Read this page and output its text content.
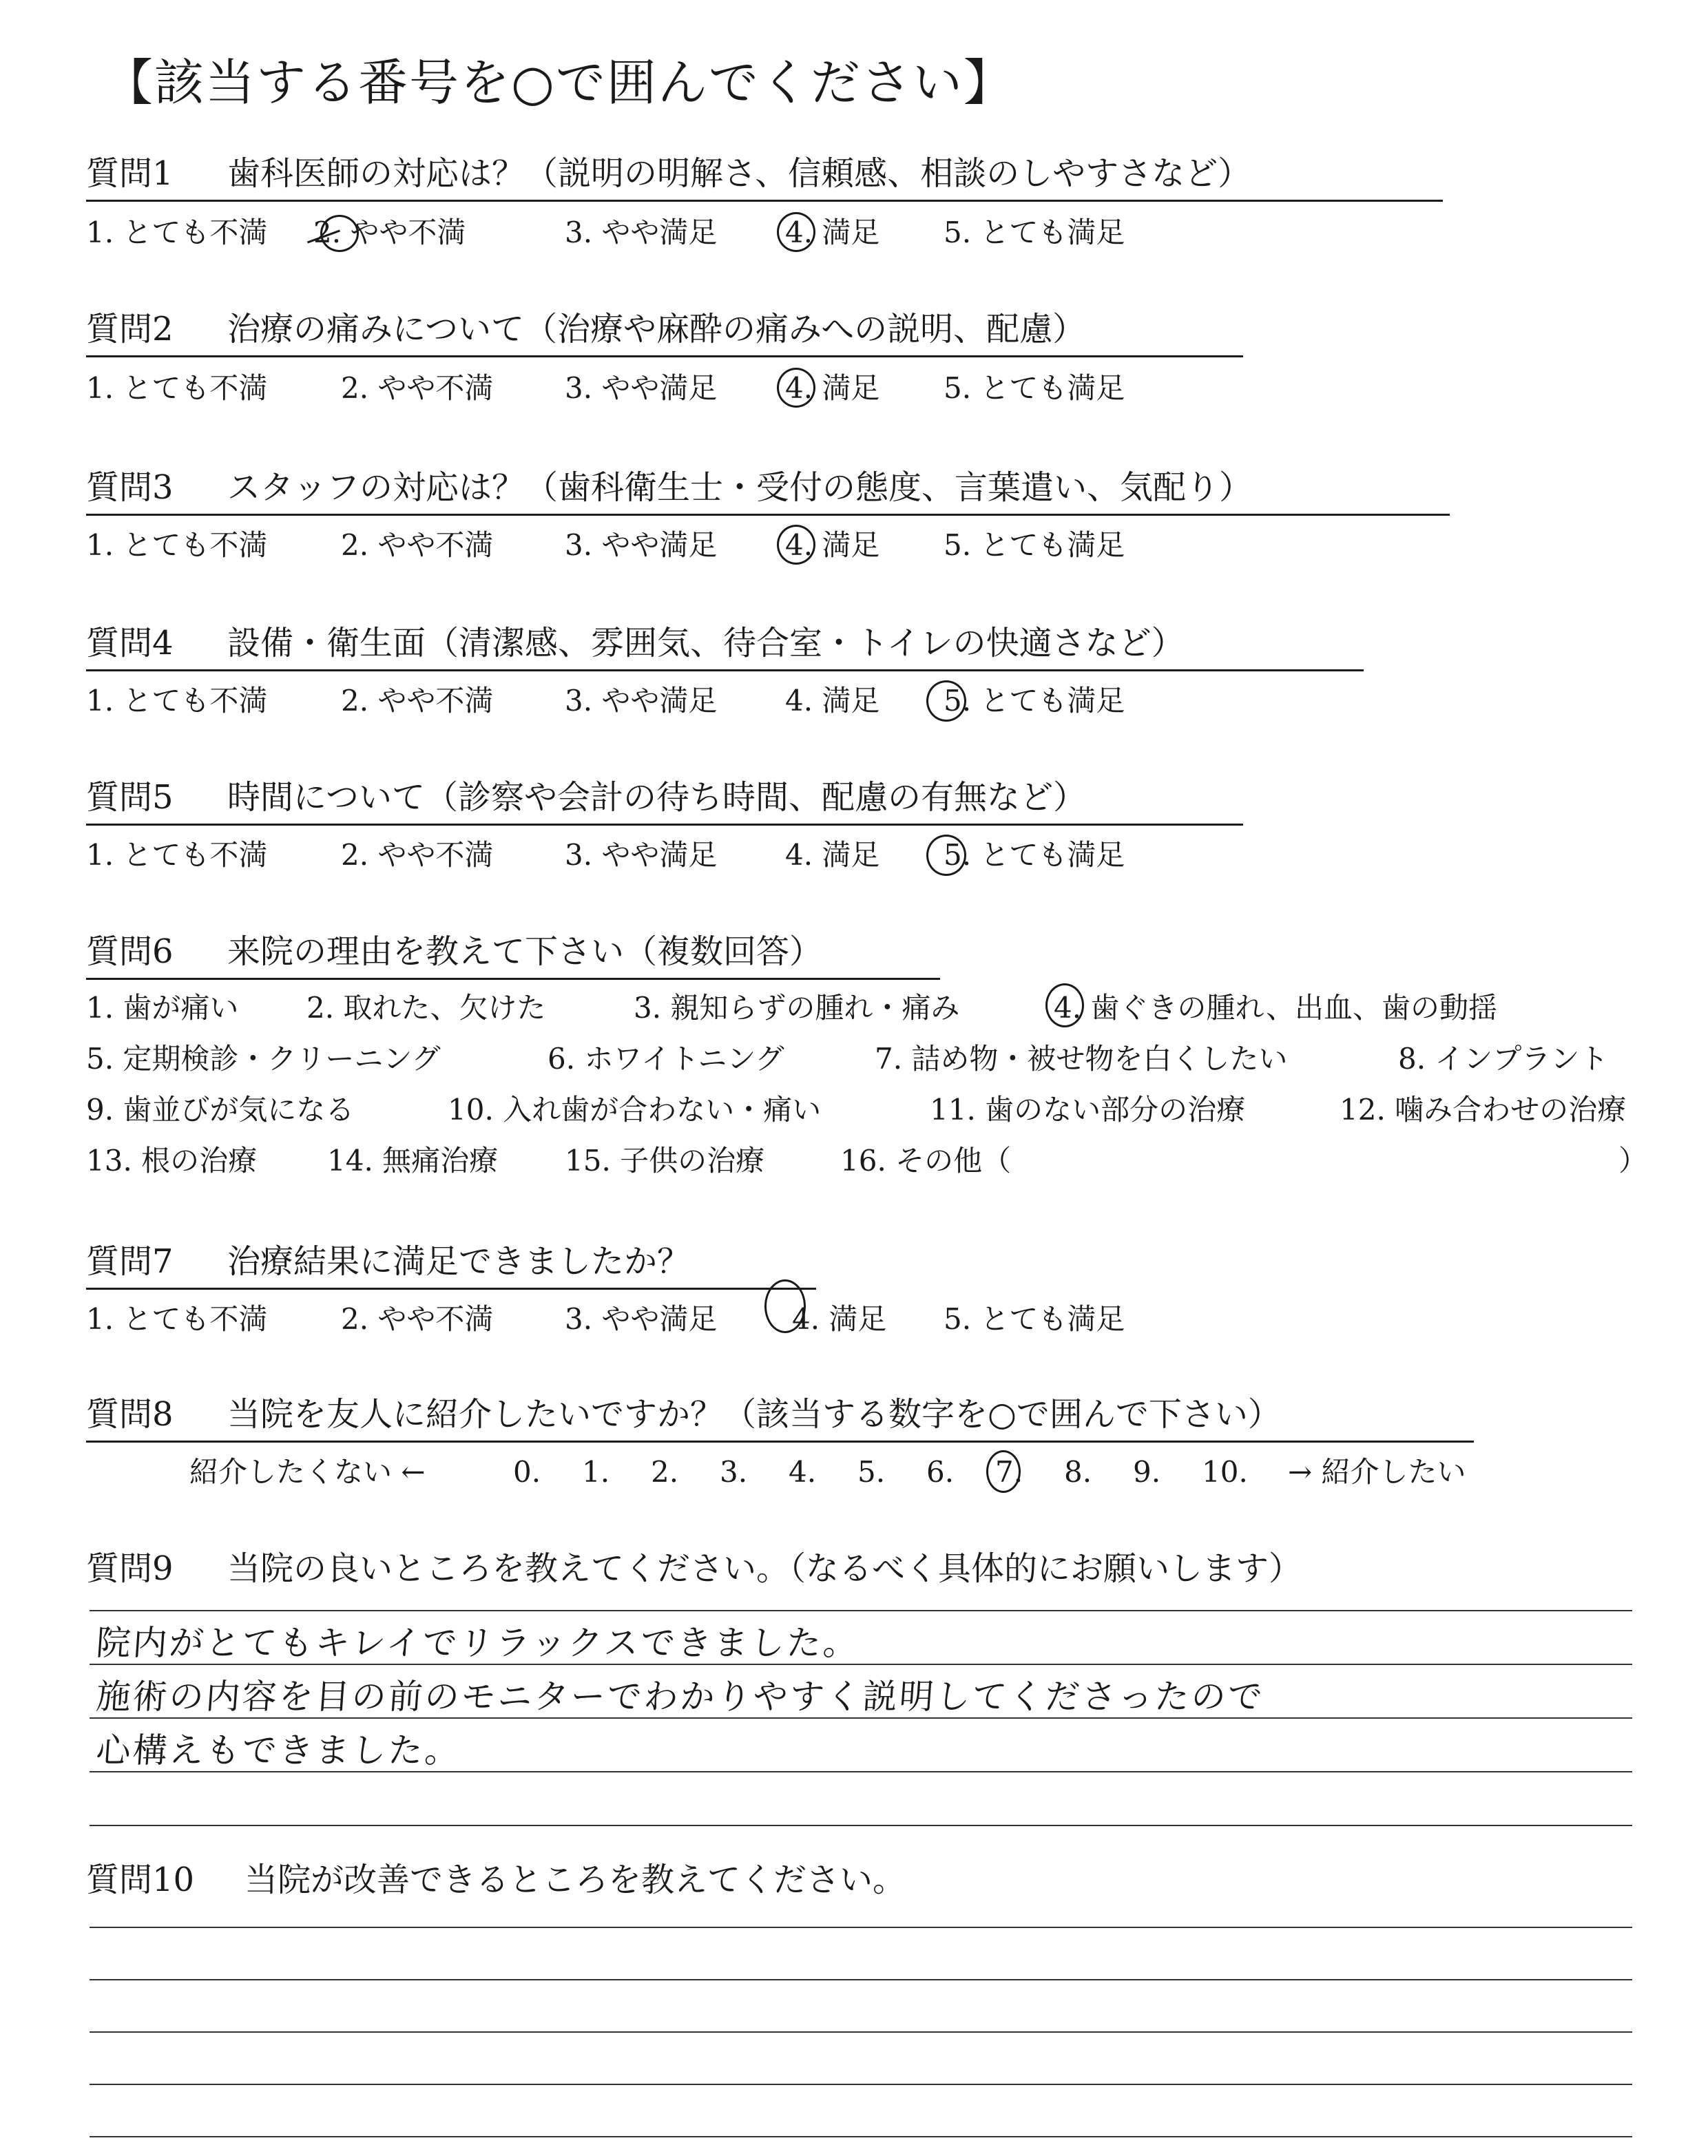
【該当する番号を○で囲んでください】
質問1 歯科医師の対応は？（説明の明解さ、信頼感、相談のしやすさなど）
1. とても不満 2. やや不満	3. やや満足 4. 満足 5. とても満足
質問2 治療の痛みについて（治療や麻酔の痛みへの説明、配慮）
1. とても不満	2. やや不満 3. やや満足 4. 満足 5. とても満足
質問3 スタッフの対応は？（歯科衛生士・受付の態度、言葉遣い、気配り）
1. とても不満	2. やや不満 3. やや満足 4. 満足 5. とても満足
質問4 設備・衛生面（清潔感、雰囲気、待合室・トイレの快適さなど）
1. とても不満	2. やや不満 3. やや満足 4. 満足 5. とても満足
質問5 時間について（診察や会計の待ち時間、配慮の有無など）
1. とても不満	2. やや不満 3. やや満足 4. 満足 5. とても満足
質問6 来院の理由を教えて下さい（複数回答）
1. 歯が痛い 2. 取れた、欠けた	3. 親知らずの腫れ・痛み	4. 歯ぐきの腫れ、出血、歯の動揺
5. 定期検診・クリーニング	6. ホワイトニング	7. 詰め物・被せ物を白くしたい	8. インプラント
9. 歯並びが気になる	10. 入れ歯が合わない・痛い	11. 歯のない部分の治療	12. 噛み合わせの治療
13. 根の治療 14. 無痛治療 15. 子供の治療	16. その他（	）
質問7 治療結果に満足できましたか？
1. とても不満	2. やや不満 3. やや満足	4. 満足 5. とても満足
質問8 当院を友人に紹介したいですか？（該当する数字を○で囲んで下さい）
紹介したくない ←	0. 1. 2. 3. 4. 5. 6. 7. 8. 9. 10. → 紹介したい
質問9 当院の良いところを教えてください。（なるべく具体的にお願いします）
院内がとてもキレイでリラックスできました。
施術の内容を目の前のモニターでわかりやすく説明してくださったので
心構えもできました。
質問10 当院が改善できるところを教えてください。
